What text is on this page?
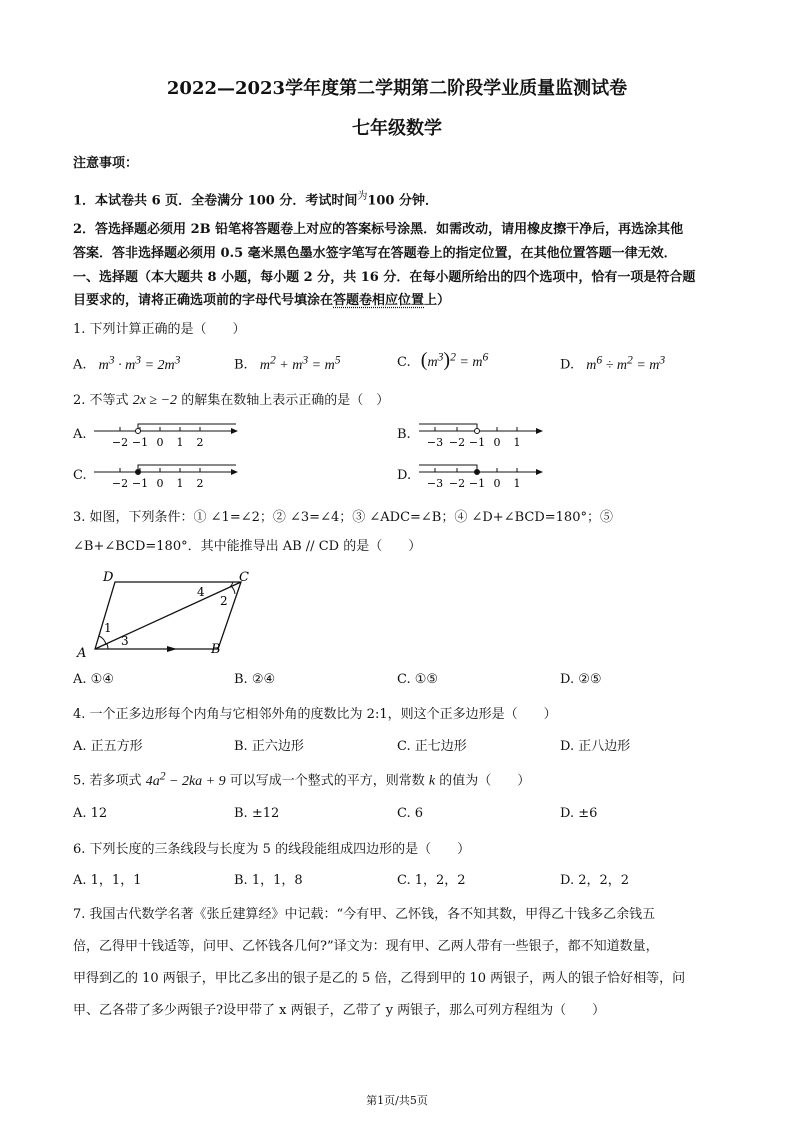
2022—2023学年度第二学期第二阶段学业质量监测试卷
七年级数学
注意事项：
1．本试卷共 6 页．全卷满分 100 分．考试时间$^为$100 分钟．
2．答选择题必须用 2B 铅笔将答题卷上对应的答案标号涂黑．如需改动，请用橡皮擦干净后，再选涂其他
答案．答非选择题必须用 0.5 毫米黑色墨水签字笔写在答题卷上的指定位置，在其他位置答题一律无效．
一、选择题（本大题共 8 小题，每小题 2 分，共 16 分．在每小题所给出的四个选项中，恰有一项是符合题
目要求的，请将正确选项前的字母代号填涂在答题卷相应位置上）
1. 下列计算正确的是（　　）
A. $m^3 \cdot m^3 = 2m^3$	B. $m^2 + m^3 = m^5$	C. $(m^3)^2 = m^6$
D. $m^6 \div m^2 = m^3$
2. 不等式 2x ≥ −2 的解集在数轴上表示正确的是（　）
A.
−2 −1 0 1 2
B.
−3 −2 −1 0 1
C.
−2 −1 0 1 2
D.
−3 −2 −1 0 1
3. 如图，下列条件：① ∠1=∠2；② ∠3=∠4；③ ∠ADC=∠B；④ ∠D+∠BCD=180°；⑤
∠B+∠BCD=180°．其中能推导出 AB // CD 的是（　　）
D	C
A	B
1
2
3
4
A. ①④	B. ②④	C. ①⑤	D. ②⑤
4. 一个正多边形每个内角与它相邻外角的度数比为 2:1，则这个正多边形是（　　）
A. 正五方形	B. 正六边形	C. 正七边形	D. 正八边形
5. 若多项式 $4a^2 - 2ka + 9$ 可以写成一个整式的平方，则常数 k 的值为（　　）
A. 12	B. ±12	C. 6	D. ±6
6. 下列长度的三条线段与长度为 5 的线段能组成四边形的是（　　）
A. 1，1，1	B. 1，1，8	C. 1，2，2	D. 2，2，2
7. 我国古代数学名著《张丘建算经》中记载：“今有甲、乙怀钱，各不知其数，甲得乙十钱多乙余钱五
倍，乙得甲十钱适等，问甲、乙怀钱各几何?”译文为：现有甲、乙两人带有一些银子，都不知道数量，
甲得到乙的 10 两银子，甲比乙多出的银子是乙的 5 倍，乙得到甲的 10 两银子，两人的银子恰好相等，问
甲、乙各带了多少两银子?设甲带了 x 两银子，乙带了 y 两银子，那么可列方程组为（　　）
第1页/共5页
